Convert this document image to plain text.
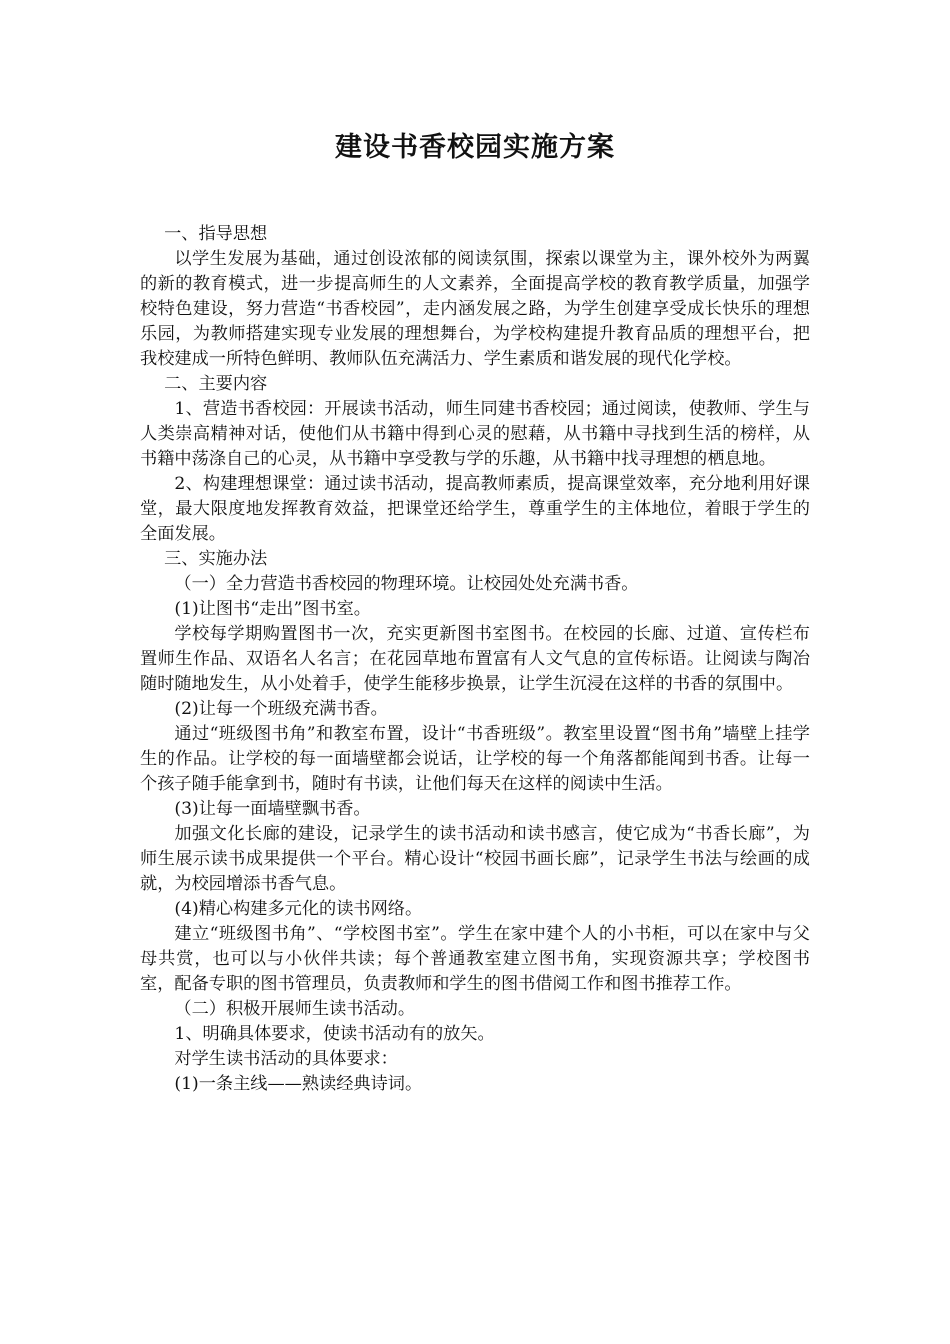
建设书香校园实施方案

一、指导思想

以学生发展为基础，通过创设浓郁的阅读氛围，探索以课堂为主，课外校外为两翼的新的教育模式，进一步提高师生的人文素养，全面提高学校的教育教学质量，加强学校特色建设，努力营造“书香校园”，走内涵发展之路，为学生创建享受成长快乐的理想乐园，为教师搭建实现专业发展的理想舞台，为学校构建提升教育品质的理想平台，把我校建成一所特色鲜明、教师队伍充满活力、学生素质和谐发展的现代化学校。

二、主要内容

1、营造书香校园：开展读书活动，师生同建书香校园；通过阅读，使教师、学生与人类崇高精神对话，使他们从书籍中得到心灵的慰藉，从书籍中寻找到生活的榜样，从书籍中荡涤自己的心灵，从书籍中享受教与学的乐趣，从书籍中找寻理想的栖息地。

2、构建理想课堂：通过读书活动，提高教师素质，提高课堂效率，充分地利用好课堂，最大限度地发挥教育效益，把课堂还给学生，尊重学生的主体地位，着眼于学生的全面发展。

三、实施办法

（一）全力营造书香校园的物理环境。让校园处处充满书香。

(1)让图书“走出”图书室。

学校每学期购置图书一次，充实更新图书室图书。在校园的长廊、过道、宣传栏布置师生作品、双语名人名言；在花园草地布置富有人文气息的宣传标语。让阅读与陶冶随时随地发生，从小处着手，使学生能移步换景，让学生沉浸在这样的书香的氛围中。

(2)让每一个班级充满书香。

通过“班级图书角”和教室布置，设计“书香班级”。教室里设置“图书角”墙壁上挂学生的作品。让学校的每一面墙壁都会说话，让学校的每一个角落都能闻到书香。让每一个孩子随手能拿到书，随时有书读，让他们每天在这样的阅读中生活。

(3)让每一面墙壁飘书香。

加强文化长廊的建设，记录学生的读书活动和读书感言，使它成为“书香长廊”，为师生展示读书成果提供一个平台。精心设计“校园书画长廊”，记录学生书法与绘画的成就，为校园增添书香气息。

(4)精心构建多元化的读书网络。

建立“班级图书角”、“学校图书室”。学生在家中建个人的小书柜，可以在家中与父母共赏，也可以与小伙伴共读；每个普通教室建立图书角，实现资源共享；学校图书室，配备专职的图书管理员，负责教师和学生的图书借阅工作和图书推荐工作。

（二）积极开展师生读书活动。

1、明确具体要求，使读书活动有的放矢。

对学生读书活动的具体要求：

(1)一条主线——熟读经典诗词。
